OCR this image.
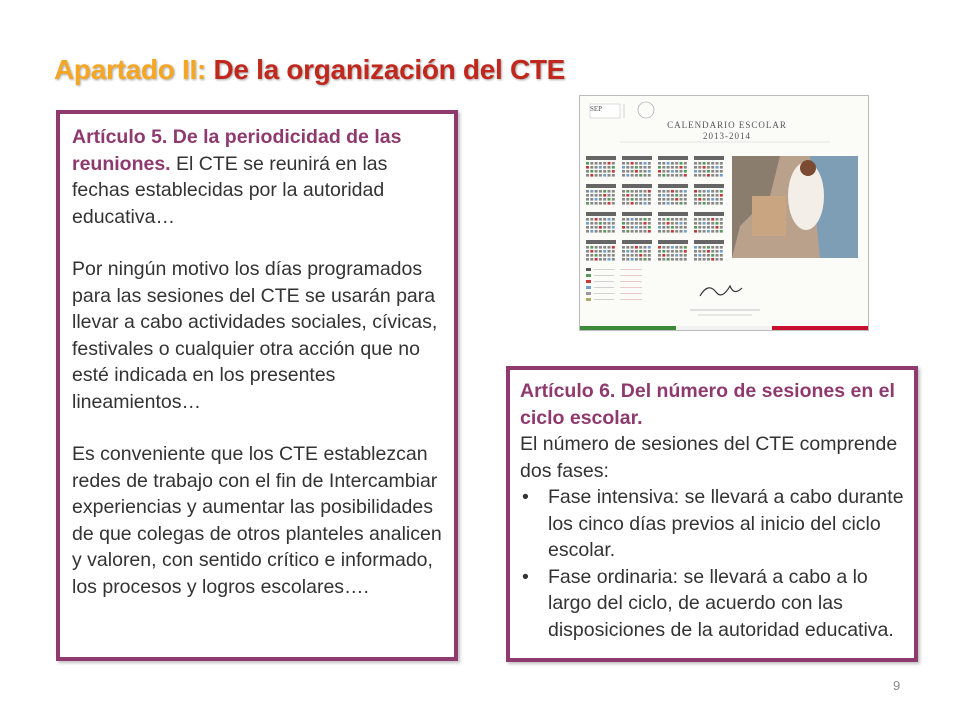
Apartado II: De la organización del CTE

Artículo 5. De la periodicidad de las reuniones. El CTE se reunirá en las fechas establecidas por la autoridad educativa…

Por ningún motivo los días programados para las sesiones del CTE se usarán para llevar a cabo actividades sociales, cívicas, festivales o cualquier otra acción que no esté indicada en los presentes lineamientos…

Es conveniente que los CTE establezcan redes de trabajo con el fin de Intercambiar experiencias y aumentar las posibilidades de que colegas de otros planteles analicen y valoren, con sentido crítico e informado, los procesos y logros escolares….

SEP
CALENDARIO ESCOLAR
2013-2014

Artículo 6. Del número de sesiones en el ciclo escolar.

El número de sesiones del CTE comprende dos fases:

• Fase intensiva: se llevará a cabo durante los cinco días previos al inicio del ciclo escolar.
• Fase ordinaria: se llevará a cabo a lo largo del ciclo, de acuerdo con las disposiciones de la autoridad educativa.
9
